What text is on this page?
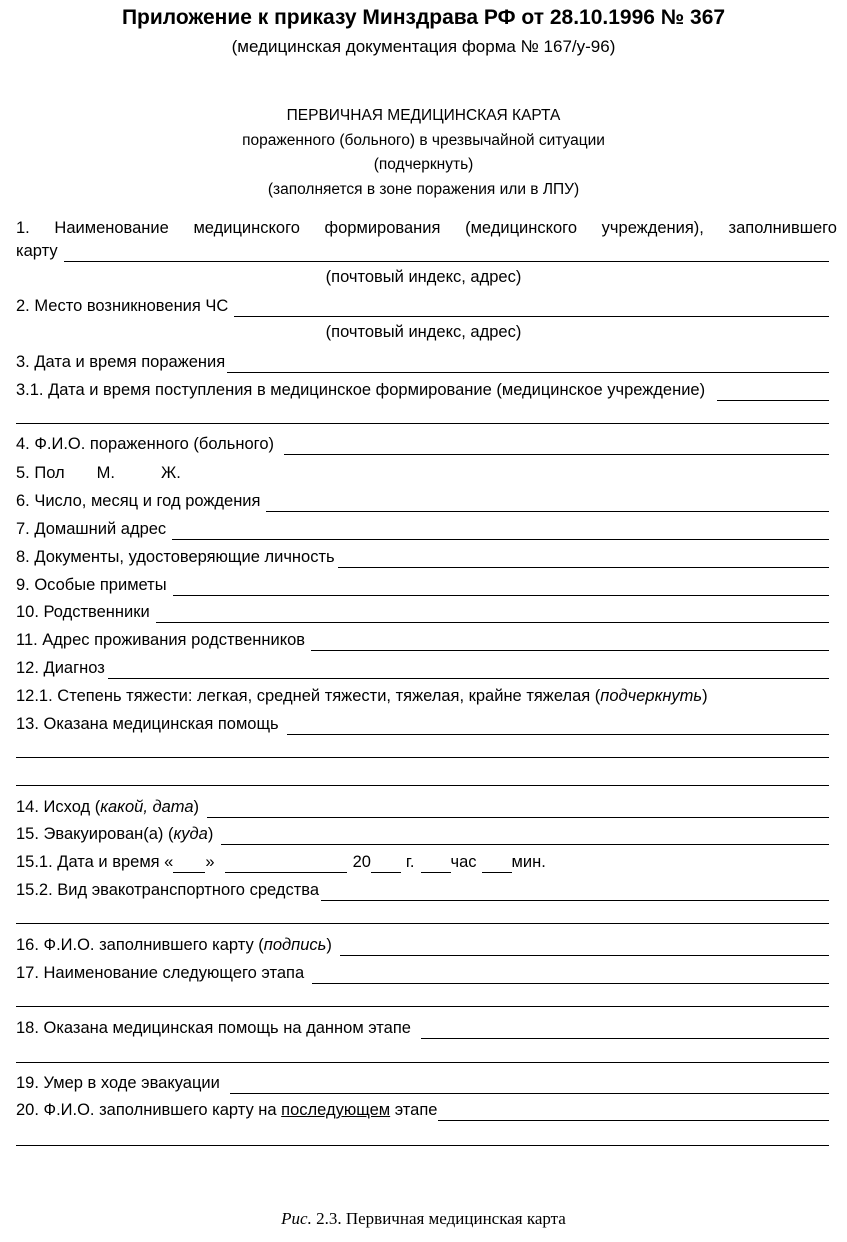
Приложение к приказу Минздрава РФ от 28.10.1996 № 367
(медицинская документация форма № 167/у-96)
ПЕРВИЧНАЯ МЕДИЦИНСКАЯ КАРТА
пораженного (больного) в чрезвычайной ситуации
(подчеркнуть)
(заполняется в зоне поражения или в ЛПУ)
1. Наименование медицинского формирования (медицинского учреждения), заполнившего
карту
(почтовый индекс, адрес)
2. Место возникновения ЧС
(почтовый индекс, адрес)
3. Дата и время поражения
3.1. Дата и время поступления в медицинское формирование (медицинское учреждение)
4. Ф.И.О. пораженного (больного)
5. Пол М.	Ж.
6. Число, месяц и год рождения
7. Домашний адрес
8. Документы, удостоверяющие личность
9. Особые приметы
10. Родственники
11. Адрес проживания родственников
12. Диагноз
12.1. Степень тяжести: легкая, средней тяжести, тяжелая, крайне тяжелая (подчеркнуть)
13. Оказана медицинская помощь
14. Исход (какой, дата)
15. Эвакуирован(а) (куда)
15.1. Дата и время « »	20 г. час мин.
15.2. Вид эвакотранспортного средства
16. Ф.И.О. заполнившего карту (подпись)
17. Наименование следующего этапа
18. Оказана медицинская помощь на данном этапе
19. Умер в ходе эвакуации
20. Ф.И.О. заполнившего карту на последующем этапе
Рис. 2.3. Первичная медицинская карта
